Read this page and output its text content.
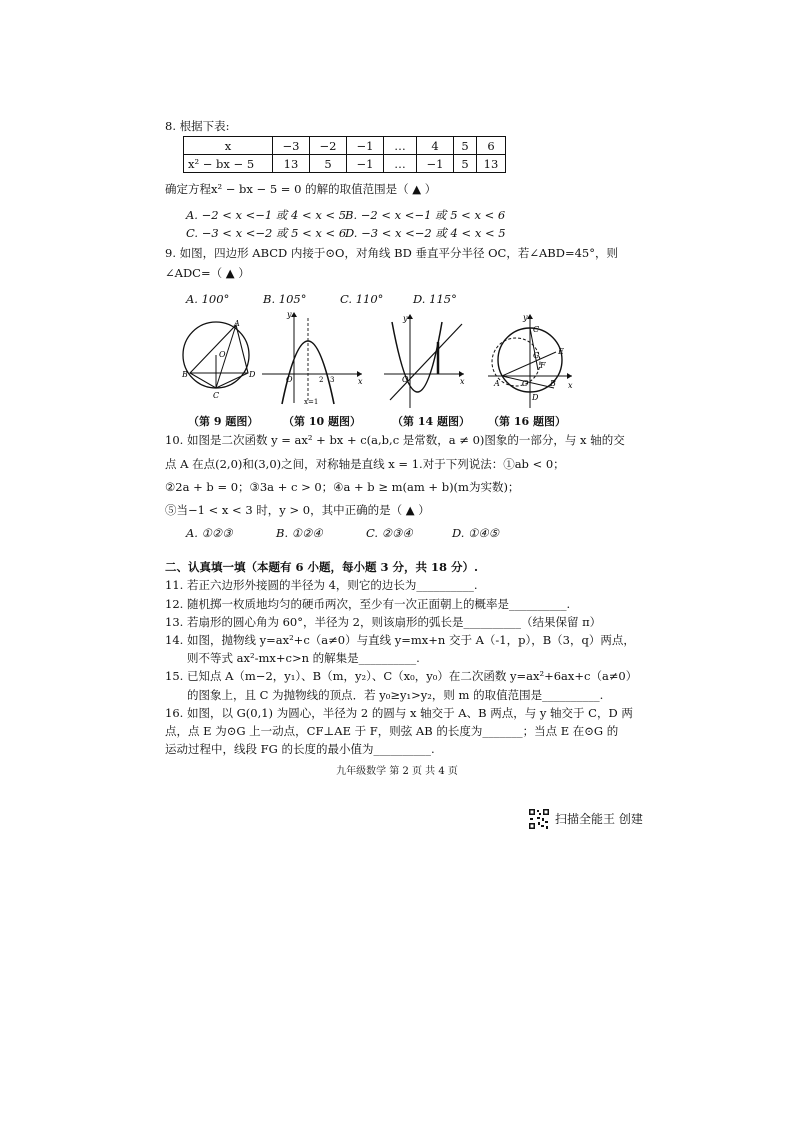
8. 根据下表:
x	−3	−2	−1	…	4	5	6
x² − bx − 5	13	5	−1	…	−1	5	13
确定方程x² − bx − 5 = 0 的解的取值范围是（ ▲ ）
A. −2 < x <−1 或 4 < x < 5
B. −2 < x <−1 或 5 < x < 6
C. −3 < x <−2 或 5 < x < 6
D. −3 < x <−2 或 4 < x < 5
9. 如图，四边形 ABCD 内接于⊙O，对角线 BD 垂直平分半径 OC，若∠ABD=45°，则
∠ADC=（ ▲ ）
A. 100°	B. 105°	C. 110°	D. 115°
A
B
C
D
O
y
x
O	2 3
x=1
y
x
O
C
A	B
D
E
F
G
y
x
O
（第 9 题图） （第 10 题图）	（第 14 题图） （第 16 题图）
10. 如图是二次函数 y = ax² + bx + c(a,b,c 是常数，a ≠ 0)图象的一部分，与 x 轴的交
点 A 在点(2,0)和(3,0)之间，对称轴是直线 x = 1.对于下列说法：①ab < 0；
②2a + b = 0；③3a + c > 0；④a + b ≥ m(am + b)(m为实数)；
⑤当−1 < x < 3 时，y > 0，其中正确的是（ ▲ ）
A. ①②③	B. ①②④	C. ②③④	D. ①④⑤
二、认真填一填（本题有 6 小题，每小题 3 分，共 18 分）.
11. 若正六边形外接圆的半径为 4，则它的边长为__________.
12. 随机掷一枚质地均匀的硬币两次，至少有一次正面朝上的概率是__________.
13. 若扇形的圆心角为 60°，半径为 2，则该扇形的弧长是__________（结果保留 π）
14. 如图，抛物线 y=ax²+c（a≠0）与直线 y=mx+n 交于 A（-1，p），B（3，q）两点，
则不等式 ax²-mx+c>n 的解集是__________.
15. 已知点 A（m−2，y₁）、B（m，y₂）、C（x₀，y₀）在二次函数 y=ax²+6ax+c（a≠0）
的图象上，且 C 为抛物线的顶点．若 y₀≥y₁>y₂，则 m 的取值范围是__________.
16. 如图，以 G(0,1) 为圆心，半径为 2 的圆与 x 轴交于 A、B 两点，与 y 轴交于 C，D 两
点，点 E 为⊙G 上一动点，CF⊥AE 于 F，则弦 AB 的长度为_______；当点 E 在⊙G 的
运动过程中，线段 FG 的长度的最小值为__________.
九年级数学 第 2 页 共 4 页
扫描全能王 创建
